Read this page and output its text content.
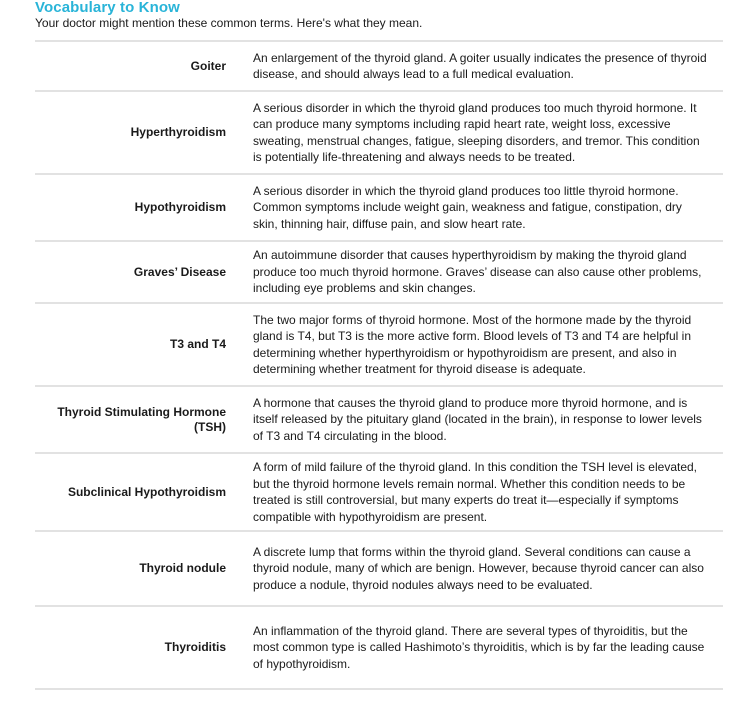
Vocabulary to Know
Your doctor might mention these common terms. Here's what they mean.
Goiter
An enlargement of the thyroid gland. A goiter usually indicates the presence of thyroid disease, and should always lead to a full medical evaluation.
Hyperthyroidism
A serious disorder in which the thyroid gland produces too much thyroid hormone. It can produce many symptoms including rapid heart rate, weight loss, excessive sweating, menstrual changes, fatigue, sleeping disorders, and tremor. This condition is potentially life-threatening and always needs to be treated.
Hypothyroidism
A serious disorder in which the thyroid gland produces too little thyroid hormone. Common symptoms include weight gain, weakness and fatigue, constipation, dry skin, thinning hair, diffuse pain, and slow heart rate.
Graves’ Disease
An autoimmune disorder that causes hyperthyroidism by making the thyroid gland produce too much thyroid hormone. Graves’ disease can also cause other problems, including eye problems and skin changes.
T3 and T4
The two major forms of thyroid hormone. Most of the hormone made by the thyroid gland is T4, but T3 is the more active form. Blood levels of T3 and T4 are helpful in determining whether hyperthyroidism or hypothyroidism are present, and also in determining whether treatment for thyroid disease is adequate.
Thyroid Stimulating Hormone (TSH)
A hormone that causes the thyroid gland to produce more thyroid hormone, and is itself released by the pituitary gland (located in the brain), in response to lower levels of T3 and T4 circulating in the blood.
Subclinical Hypothyroidism
A form of mild failure of the thyroid gland. In this condition the TSH level is elevated, but the thyroid hormone levels remain normal. Whether this condition needs to be treated is still controversial, but many experts do treat it—especially if symptoms compatible with hypothyroidism are present.
Thyroid nodule
A discrete lump that forms within the thyroid gland. Several conditions can cause a thyroid nodule, many of which are benign. However, because thyroid cancer can also produce a nodule, thyroid nodules always need to be evaluated.
Thyroiditis
An inflammation of the thyroid gland. There are several types of thyroiditis, but the most common type is called Hashimoto’s thyroiditis, which is by far the leading cause of hypothyroidism.
